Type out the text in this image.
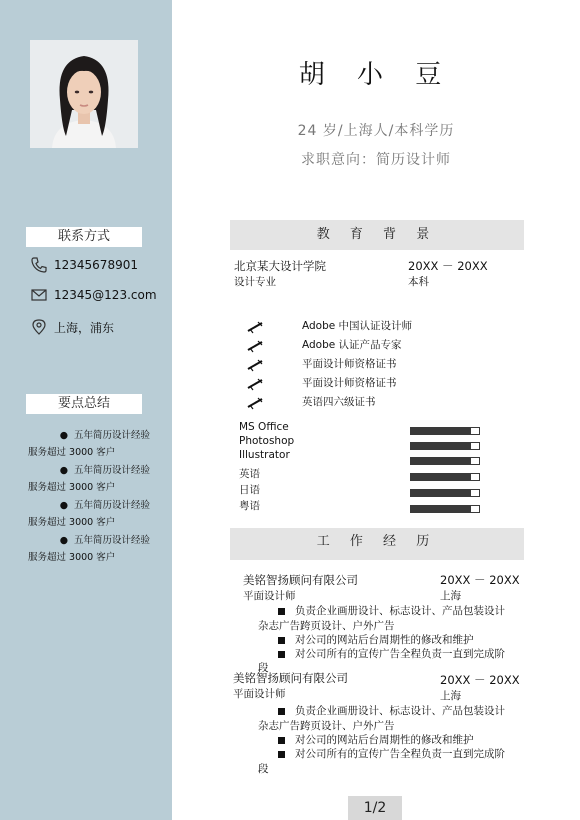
联系方式
12345678901
12345@123.com
上海，浦东
要点总结
● 五年简历设计经验
服务超过 3000 客户
● 五年简历设计经验
服务超过 3000 客户
● 五年简历设计经验
服务超过 3000 客户
● 五年简历设计经验
服务超过 3000 客户
胡 小 豆
24 岁/上海人/本科学历
求职意向：简历设计师
教 育 背 景
北京某大设计学院	20XX － 20XX
设计专业	本科
Adobe 中国认证设计师
Adobe 认证产品专家
平面设计师资格证书
平面设计师资格证书
英语四六级证书
MS Office
Photoshop
Illustrator
英语
日语
粤语
工 作 经 历
美铭智扬顾问有限公司	20XX － 20XX
平面设计师	上海
负责企业画册设计、标志设计、产品包装设计
杂志广告跨页设计、户外广告
对公司的网站后台周期性的修改和维护
对公司所有的宣传广告全程负责一直到完成阶
段
美铭智扬顾问有限公司	20XX － 20XX
平面设计师	上海
负责企业画册设计、标志设计、产品包装设计
杂志广告跨页设计、户外广告
对公司的网站后台周期性的修改和维护
对公司所有的宣传广告全程负责一直到完成阶
段
1/2
